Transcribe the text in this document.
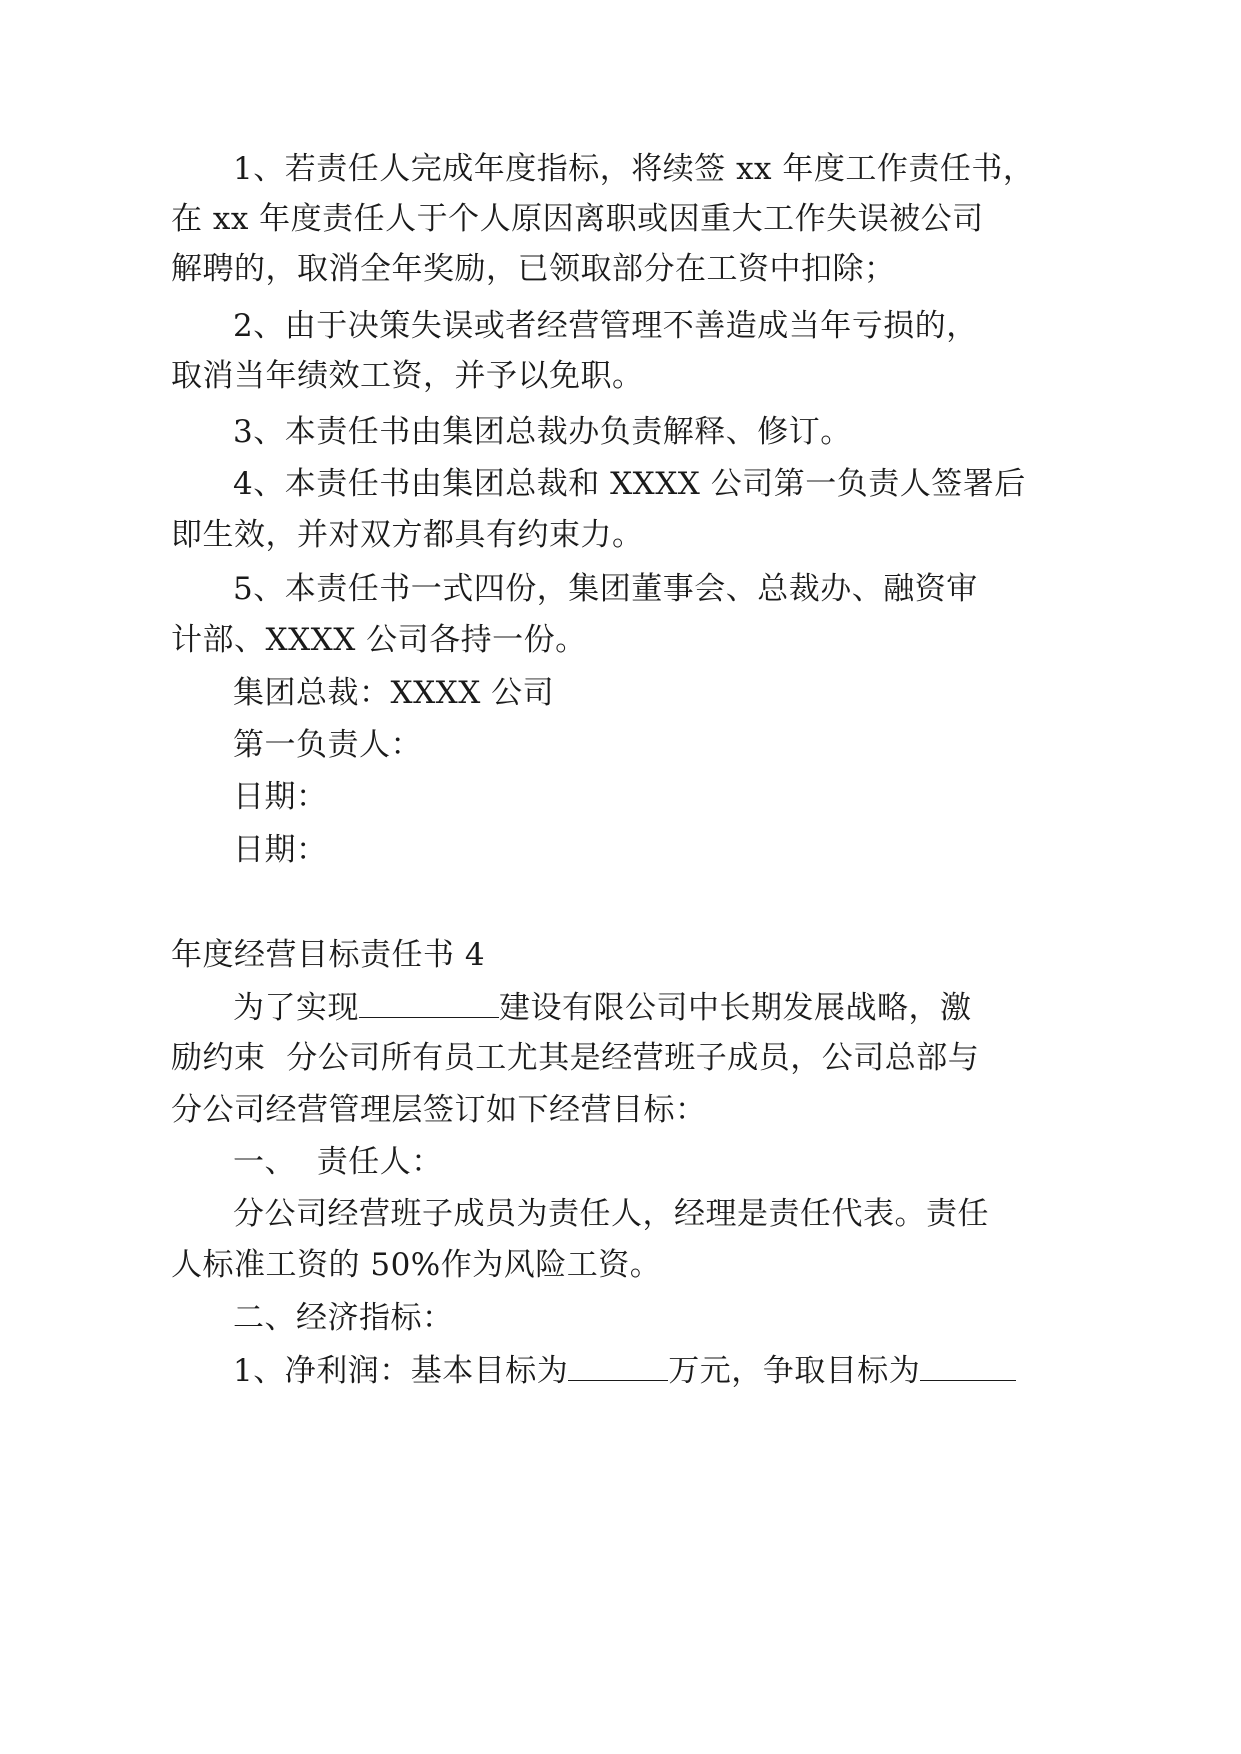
1、若责任人完成年度指标，将续签 xx 年度工作责任书，
在 xx 年度责任人于个人原因离职或因重大工作失误被公司
解聘的，取消全年奖励，已领取部分在工资中扣除；
2、由于决策失误或者经营管理不善造成当年亏损的，
取消当年绩效工资，并予以免职。
3、本责任书由集团总裁办负责解释、修订。
4、本责任书由集团总裁和 XXXX 公司第一负责人签署后
即生效，并对双方都具有约束力。
5、本责任书一式四份，集团董事会、总裁办、融资审
计部、XXXX 公司各持一份。
集团总裁：XXXX 公司
第一负责人：
日期：
日期：
年度经营目标责任书 4
为了实现	建设有限公司中长期发展战略，激
励约束  分公司所有员工尤其是经营班子成员，公司总部与
分公司经营管理层签订如下经营目标：
一、  责任人：
分公司经营班子成员为责任人，经理是责任代表。责任
人标准工资的 50%作为风险工资。
二、经济指标：
1、净利润：基本目标为	万元，争取目标为
